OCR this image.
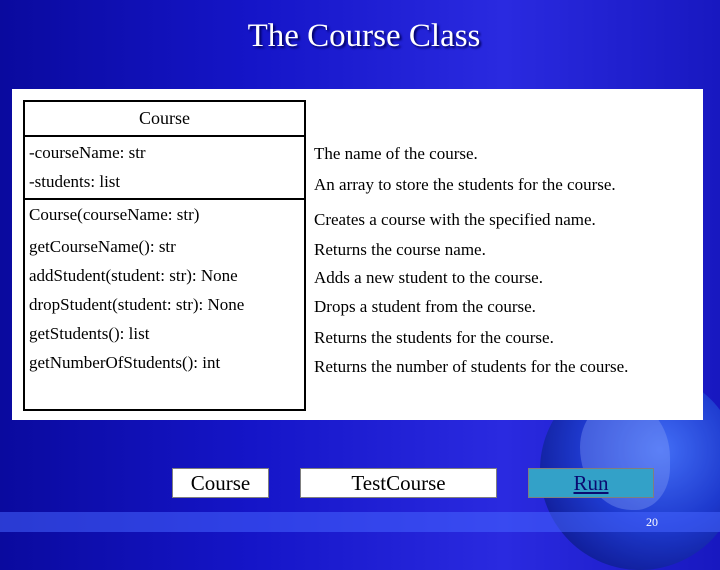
The Course Class
Course
-courseName: str
-students: list
Course(courseName: str)
getCourseName(): str
addStudent(student: str): None
dropStudent(student: str): None
getStudents(): list
getNumberOfStudents(): int
The name of the course.
An array to store the students for the course.
Creates a course with the specified name.
Returns the course name.
Adds a new student to the course.
Drops a student from the course.
Returns the students for the course.
Returns the number of students for the course.
Course	TestCourse	Run
20
